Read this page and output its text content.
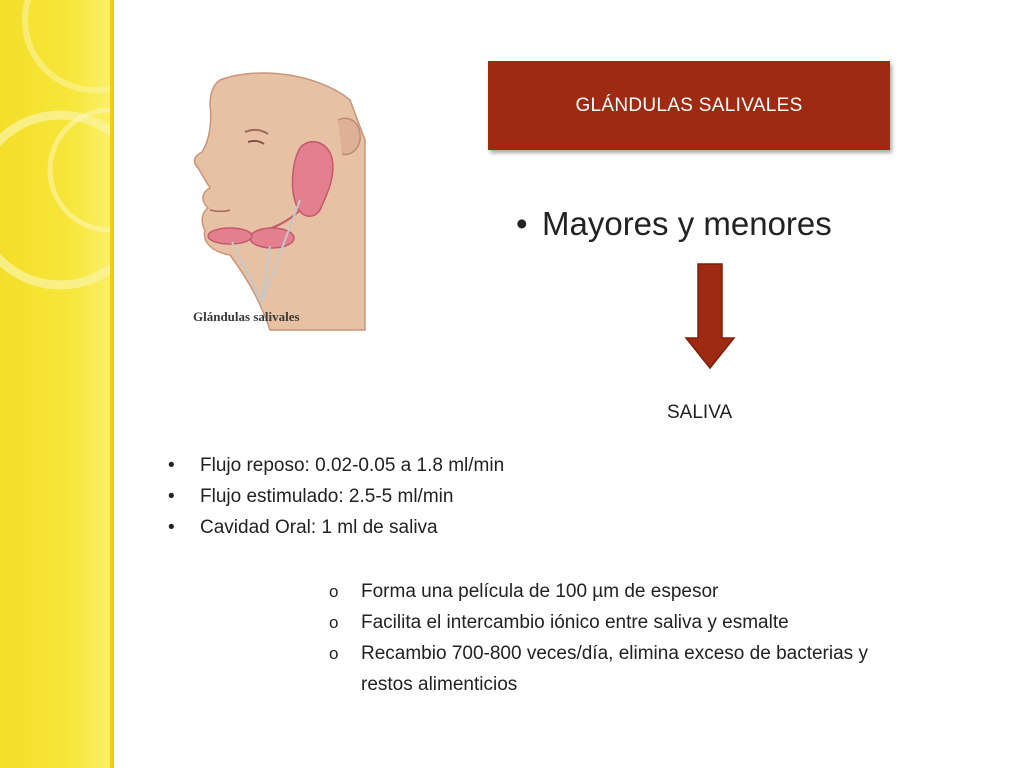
Glándulas salivales
GLÁNDULAS SALIVALES
• Mayores y menores
SALIVA
• Flujo reposo: 0.02-0.05 a 1.8 ml/min
• Flujo estimulado: 2.5-5 ml/min
• Cavidad Oral: 1 ml de saliva
o Forma una película de 100 µm de espesor
o Facilita el intercambio iónico entre saliva y esmalte
o Recambio 700-800 veces/día, elimina exceso de bacterias y restos alimenticios
